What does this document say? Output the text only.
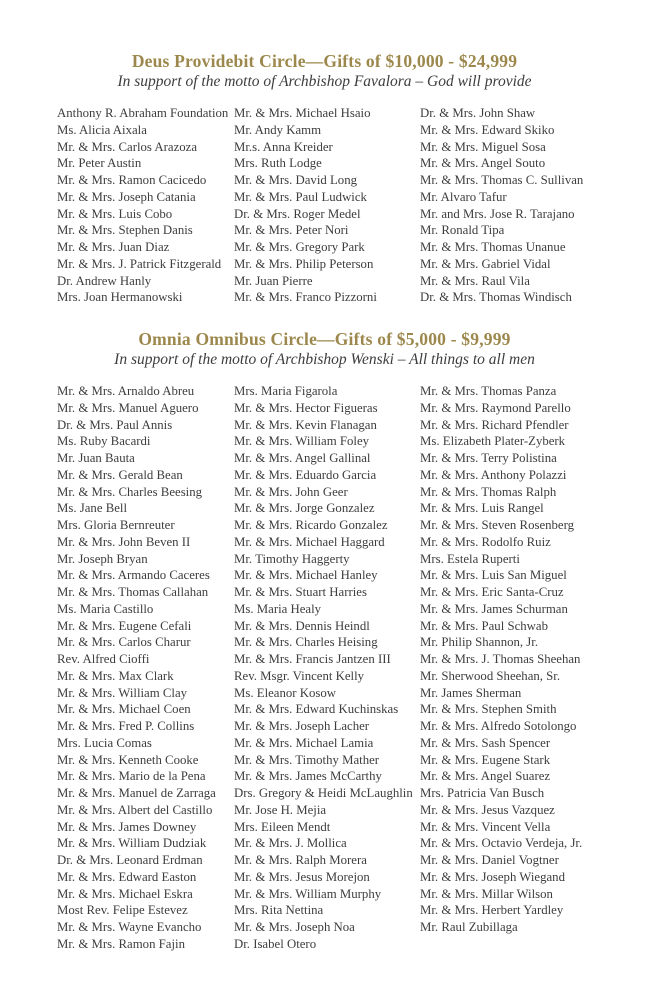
Deus Providebit Circle—Gifts of $10,000 - $24,999

In support of the motto of Archbishop Favalora – God will provide

Anthony R. Abraham Foundation
Ms. Alicia Aixala
Mr. & Mrs. Carlos Arazoza
Mr. Peter Austin
Mr. & Mrs. Ramon Cacicedo
Mr. & Mrs. Joseph Catania
Mr. & Mrs. Luis Cobo
Mr. & Mrs. Stephen Danis
Mr. & Mrs. Juan Diaz
Mr. & Mrs. J. Patrick Fitzgerald
Dr. Andrew Hanly
Mrs. Joan Hermanowski
Mr. & Mrs. Michael Hsaio
Mr. Andy Kamm
Mr.s. Anna Kreider
Mrs. Ruth Lodge
Mr. & Mrs. David Long
Mr. & Mrs. Paul Ludwick
Dr. & Mrs. Roger Medel
Mr. & Mrs. Peter Nori
Mr. & Mrs. Gregory Park
Mr. & Mrs. Philip Peterson
Mr. Juan Pierre
Mr. & Mrs. Franco Pizzorni
Dr. & Mrs. John Shaw
Mr. & Mrs. Edward Skiko
Mr. & Mrs. Miguel Sosa
Mr. & Mrs. Angel Souto
Mr. & Mrs. Thomas C. Sullivan
Mr. Alvaro Tafur
Mr. and Mrs. Jose R. Tarajano
Mr. Ronald Tipa
Mr. & Mrs. Thomas Unanue
Mr. & Mrs. Gabriel Vidal
Mr. & Mrs. Raul Vila
Dr. & Mrs. Thomas Windisch
Omnia Omnibus Circle—Gifts of $5,000 - $9,999

In support of the motto of Archbishop Wenski – All things to all men

Mr. & Mrs. Arnaldo Abreu
Mr. & Mrs. Manuel Aguero
Dr. & Mrs. Paul Annis
Ms. Ruby Bacardi
Mr. Juan Bauta
Mr. & Mrs. Gerald Bean
Mr. & Mrs. Charles Beesing
Ms. Jane Bell
Mrs. Gloria Bernreuter
Mr. & Mrs. John Beven II
Mr. Joseph Bryan
Mr. & Mrs. Armando Caceres
Mr. & Mrs. Thomas Callahan
Ms. Maria Castillo
Mr. & Mrs. Eugene Cefali
Mr. & Mrs. Carlos Charur
Rev. Alfred Cioffi
Mr. & Mrs. Max Clark
Mr. & Mrs. William Clay
Mr. & Mrs. Michael Coen
Mr. & Mrs. Fred P. Collins
Mrs. Lucia Comas
Mr. & Mrs. Kenneth Cooke
Mr. & Mrs. Mario de la Pena
Mr. & Mrs. Manuel de Zarraga
Mr. & Mrs. Albert del Castillo
Mr. & Mrs. James Downey
Mr. & Mrs. William Dudziak
Dr. & Mrs. Leonard Erdman
Mr. & Mrs. Edward Easton
Mr. & Mrs. Michael Eskra
Most Rev. Felipe Estevez
Mr. & Mrs. Wayne Evancho
Mr. & Mrs. Ramon Fajin
Mrs. Maria Figarola
Mr. & Mrs. Hector Figueras
Mr. & Mrs. Kevin Flanagan
Mr. & Mrs. William Foley
Mr. & Mrs. Angel Gallinal
Mr. & Mrs. Eduardo Garcia
Mr. & Mrs. John Geer
Mr. & Mrs. Jorge Gonzalez
Mr. & Mrs. Ricardo Gonzalez
Mr. & Mrs. Michael Haggard
Mr. Timothy Haggerty
Mr. & Mrs. Michael Hanley
Mr. & Mrs. Stuart Harries
Ms. Maria Healy
Mr. & Mrs. Dennis Heindl
Mr. & Mrs. Charles Heising
Mr. & Mrs. Francis Jantzen III
Rev. Msgr. Vincent Kelly
Ms. Eleanor Kosow
Mr. & Mrs. Edward Kuchinskas
Mr. & Mrs. Joseph Lacher
Mr. & Mrs. Michael Lamia
Mr. & Mrs. Timothy Mather
Mr. & Mrs. James McCarthy
Drs. Gregory & Heidi McLaughlin
Mr. Jose H. Mejia
Mrs. Eileen Mendt
Mr. & Mrs. J. Mollica
Mr. & Mrs. Ralph Morera
Mr. & Mrs. Jesus Morejon
Mr. & Mrs. William Murphy
Mrs. Rita Nettina
Mr. & Mrs. Joseph Noa
Dr. Isabel Otero
Mr. & Mrs. Thomas Panza
Mr. & Mrs. Raymond Parello
Mr. & Mrs. Richard Pfendler
Ms. Elizabeth Plater-Zyberk
Mr. & Mrs. Terry Polistina
Mr. & Mrs. Anthony Polazzi
Mr. & Mrs. Thomas Ralph
Mr. & Mrs. Luis Rangel
Mr. & Mrs. Steven Rosenberg
Mr. & Mrs. Rodolfo Ruiz
Mrs. Estela Ruperti
Mr. & Mrs. Luis San Miguel
Mr. & Mrs. Eric Santa-Cruz
Mr. & Mrs. James Schurman
Mr. & Mrs. Paul Schwab
Mr. Philip Shannon, Jr.
Mr. & Mrs. J. Thomas Sheehan
Mr. Sherwood Sheehan, Sr.
Mr. James Sherman
Mr. & Mrs. Stephen Smith
Mr. & Mrs. Alfredo Sotolongo
Mr. & Mrs. Sash Spencer
Mr. & Mrs. Eugene Stark
Mr. & Mrs. Angel Suarez
Mrs. Patricia Van Busch
Mr. & Mrs. Jesus Vazquez
Mr. & Mrs. Vincent Vella
Mr. & Mrs. Octavio Verdeja, Jr.
Mr. & Mrs. Daniel Vogtner
Mr. & Mrs. Joseph Wiegand
Mr. & Mrs. Millar Wilson
Mr. & Mrs. Herbert Yardley
Mr. Raul Zubillaga
